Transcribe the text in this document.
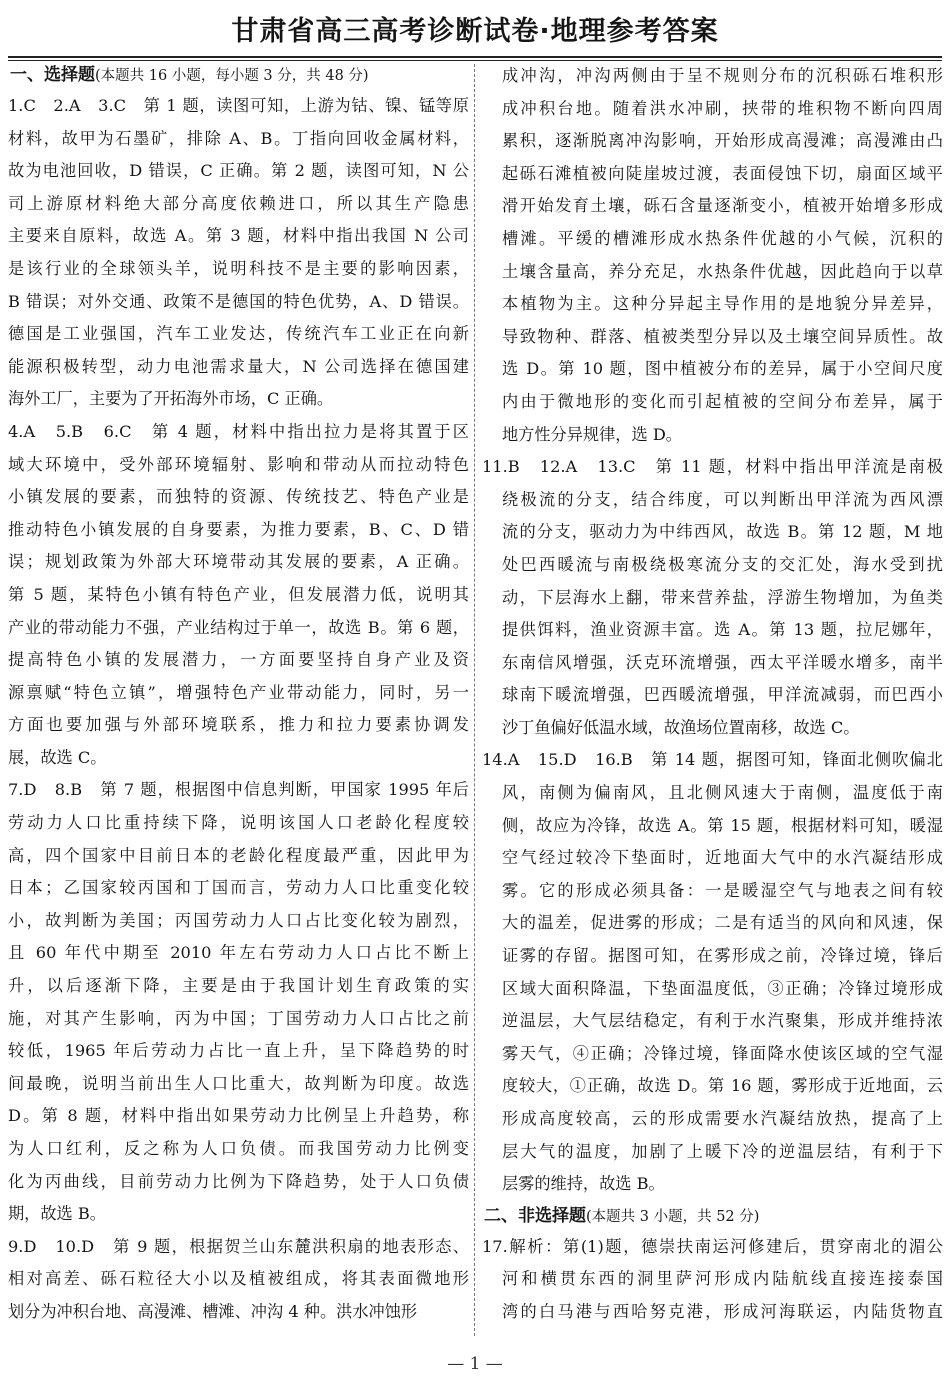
甘肃省高三高考诊断试卷·地理参考答案
一、选择题(本题共 16 小题，每小题 3 分，共 48 分)
1.C　2.A　3.C　第 1 题，读图可知，上游为钴、镍、锰等原
材料，故甲为石墨矿，排除 A、B。丁指向回收金属材料，
故为电池回收，D 错误，C 正确。第 2 题，读图可知，N 公
司上游原材料绝大部分高度依赖进口，所以其生产隐患
主要来自原料，故选 A。第 3 题，材料中指出我国 N 公司
是该行业的全球领头羊，说明科技不是主要的影响因素，
B 错误；对外交通、政策不是德国的特色优势，A、D 错误。
德国是工业强国，汽车工业发达，传统汽车工业正在向新
能源积极转型，动力电池需求量大，N 公司选择在德国建
海外工厂，主要为了开拓海外市场，C 正确。
4.A　5.B　6.C　第 4 题，材料中指出拉力是将其置于区
域大环境中，受外部环境辐射、影响和带动从而拉动特色
小镇发展的要素，而独特的资源、传统技艺、特色产业是
推动特色小镇发展的自身要素，为推力要素，B、C、D 错
误；规划政策为外部大环境带动其发展的要素，A 正确。
第 5 题，某特色小镇有特色产业，但发展潜力低，说明其
产业的带动能力不强，产业结构过于单一，故选 B。第 6 题，
提高特色小镇的发展潜力，一方面要坚持自身产业及资
源禀赋“特色立镇”，增强特色产业带动能力，同时，另一
方面也要加强与外部环境联系，推力和拉力要素协调发
展，故选 C。
7.D　8.B　第 7 题，根据图中信息判断，甲国家 1995 年后
劳动力人口比重持续下降，说明该国人口老龄化程度较
高，四个国家中目前日本的老龄化程度最严重，因此甲为
日本；乙国家较丙国和丁国而言，劳动力人口比重变化较
小，故判断为美国；丙国劳动力人口占比变化较为剧烈，
且 60 年代中期至 2010 年左右劳动力人口占比不断上
升，以后逐渐下降，主要是由于我国计划生育政策的实
施，对其产生影响，丙为中国；丁国劳动力人口占比之前
较低，1965 年后劳动力占比一直上升，呈下降趋势的时
间最晚，说明当前出生人口比重大，故判断为印度。故选
D。第 8 题，材料中指出如果劳动力比例呈上升趋势，称
为人口红利，反之称为人口负债。而我国劳动力比例变
化为丙曲线，目前劳动力比例为下降趋势，处于人口负债
期，故选 B。
9.D　10.D　第 9 题，根据贺兰山东麓洪积扇的地表形态、
相对高差、砾石粒径大小以及植被组成，将其表面微地形
划分为冲积台地、高漫滩、槽滩、冲沟 4 种。洪水冲蚀形
成冲沟，冲沟两侧由于呈不规则分布的沉积砾石堆积形
成冲积台地。随着洪水冲刷，挟带的堆积物不断向四周
累积，逐渐脱离冲沟影响，开始形成高漫滩；高漫滩由凸
起砾石滩植被向陡崖坡过渡，表面侵蚀下切，扇面区域平
滑开始发育土壤，砾石含量逐渐变小，植被开始增多形成
槽滩。平缓的槽滩形成水热条件优越的小气候，沉积的
土壤含量高，养分充足，水热条件优越，因此趋向于以草
本植物为主。这种分异起主导作用的是地貌分异差异，
导致物种、群落、植被类型分异以及土壤空间异质性。故
选 D。第 10 题，图中植被分布的差异，属于小空间尺度
内由于微地形的变化而引起植被的空间分布差异，属于
地方性分异规律，选 D。
11.B　12.A　13.C　第 11 题，材料中指出甲洋流是南极
绕极流的分支，结合纬度，可以判断出甲洋流为西风漂
流的分支，驱动力为中纬西风，故选 B。第 12 题，M 地
处巴西暖流与南极绕极寒流分支的交汇处，海水受到扰
动，下层海水上翻，带来营养盐，浮游生物增加，为鱼类
提供饵料，渔业资源丰富。选 A。第 13 题，拉尼娜年，
东南信风增强，沃克环流增强，西太平洋暖水增多，南半
球南下暖流增强，巴西暖流增强，甲洋流减弱，而巴西小
沙丁鱼偏好低温水域，故渔场位置南移，故选 C。
14.A　15.D　16.B　第 14 题，据图可知，锋面北侧吹偏北
风，南侧为偏南风，且北侧风速大于南侧，温度低于南
侧，故应为冷锋，故选 A。第 15 题，根据材料可知，暖湿
空气经过较冷下垫面时，近地面大气中的水汽凝结形成
雾。它的形成必须具备：一是暖湿空气与地表之间有较
大的温差，促进雾的形成；二是有适当的风向和风速，保
证雾的存留。据图可知，在雾形成之前，冷锋过境，锋后
区域大面积降温，下垫面温度低，③正确；冷锋过境形成
逆温层，大气层结稳定，有利于水汽聚集，形成并维持浓
雾天气，④正确；冷锋过境，锋面降水使该区域的空气湿
度较大，①正确，故选 D。第 16 题，雾形成于近地面，云
形成高度较高，云的形成需要水汽凝结放热，提高了上
层大气的温度，加剧了上暖下冷的逆温层结，有利于下
层雾的维持，故选 B。
二、非选择题(本题共 3 小题，共 52 分)
17.解析：第(1)题，德崇扶南运河修建后，贯穿南北的湄公
河和横贯东西的洞里萨河形成内陆航线直接连接泰国
湾的白马港与西哈努克港，形成河海联运，内陆货物直
— 1 —
